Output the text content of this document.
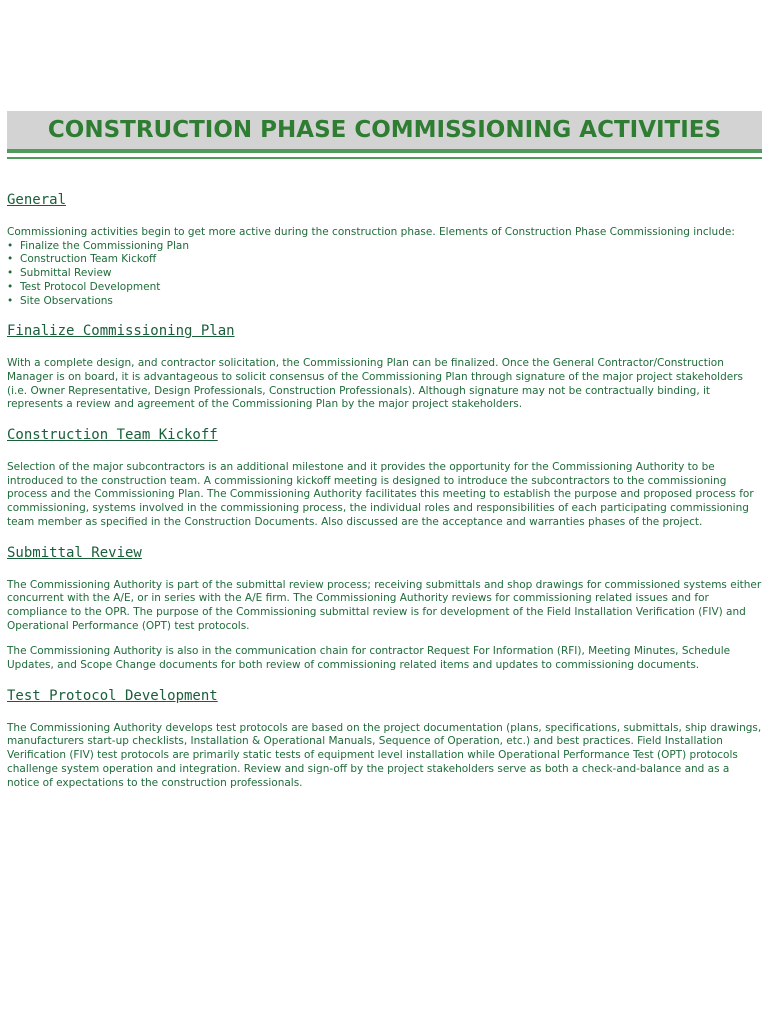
CONSTRUCTION PHASE COMMISSIONING ACTIVITIES
General

Commissioning activities begin to get more active during the construction phase. Elements of Construction Phase Commissioning include:

• Finalize the Commissioning Plan
• Construction Team Kickoff
• Submittal Review
• Test Protocol Development
• Site Observations
Finalize Commissioning Plan

With a complete design, and contractor solicitation, the Commissioning Plan can be finalized. Once the General Contractor/Construction Manager is on board, it is advantageous to solicit consensus of the Commissioning Plan through signature of the major project stakeholders (i.e. Owner Representative, Design Professionals, Construction Professionals). Although signature may not be contractually binding, it represents a review and agreement of the Commissioning Plan by the major project stakeholders.

Construction Team Kickoff

Selection of the major subcontractors is an additional milestone and it provides the opportunity for the Commissioning Authority to be introduced to the construction team. A commissioning kickoff meeting is designed to introduce the subcontractors to the commissioning process and the Commissioning Plan. The Commissioning Authority facilitates this meeting to establish the purpose and proposed process for commissioning, systems involved in the commissioning process, the individual roles and responsibilities of each participating commissioning team member as specified in the Construction Documents. Also discussed are the acceptance and warranties phases of the project.

Submittal Review

The Commissioning Authority is part of the submittal review process; receiving submittals and shop drawings for commissioned systems either concurrent with the A/E, or in series with the A/E firm. The Commissioning Authority reviews for commissioning related issues and for compliance to the OPR. The purpose of the Commissioning submittal review is for development of the Field Installation Verification (FIV) and Operational Performance (OPT) test protocols.

The Commissioning Authority is also in the communication chain for contractor Request For Information (RFI), Meeting Minutes, Schedule Updates, and Scope Change documents for both review of commissioning related items and updates to commissioning documents.

Test Protocol Development

The Commissioning Authority develops test protocols are based on the project documentation (plans, specifications, submittals, ship drawings, manufacturers start-up checklists, Installation & Operational Manuals, Sequence of Operation, etc.) and best practices. Field Installation Verification (FIV) test protocols are primarily static tests of equipment level installation while Operational Performance Test (OPT) protocols challenge system operation and integration. Review and sign-off by the project stakeholders serve as both a check-and-balance and as a notice of expectations to the construction professionals.
